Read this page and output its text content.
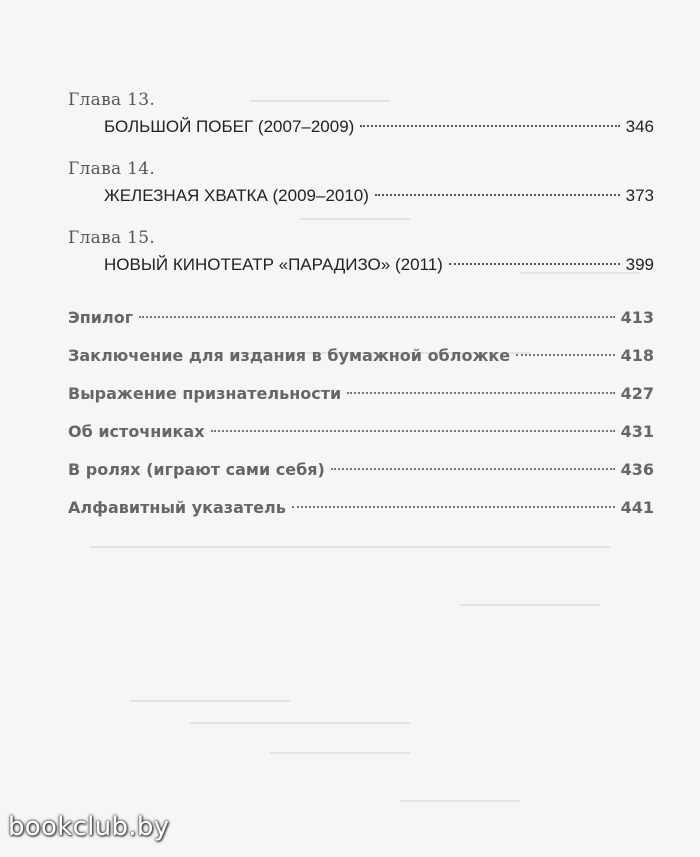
Глава 13.
БОЛЬШОЙ ПОБЕГ (2007–2009)	346
Глава 14.
ЖЕЛЕЗНАЯ ХВАТКА (2009–2010)	373
Глава 15.
НОВЫЙ КИНОТЕАТР «ПАРАДИЗО» (2011)	399
Эпилог	413
Заключение для издания в бумажной обложке	418
Выражение признательности	427
Об источниках	431
В ролях (играют сами себя)	436
Алфавитный указатель	441
bookclub.by
